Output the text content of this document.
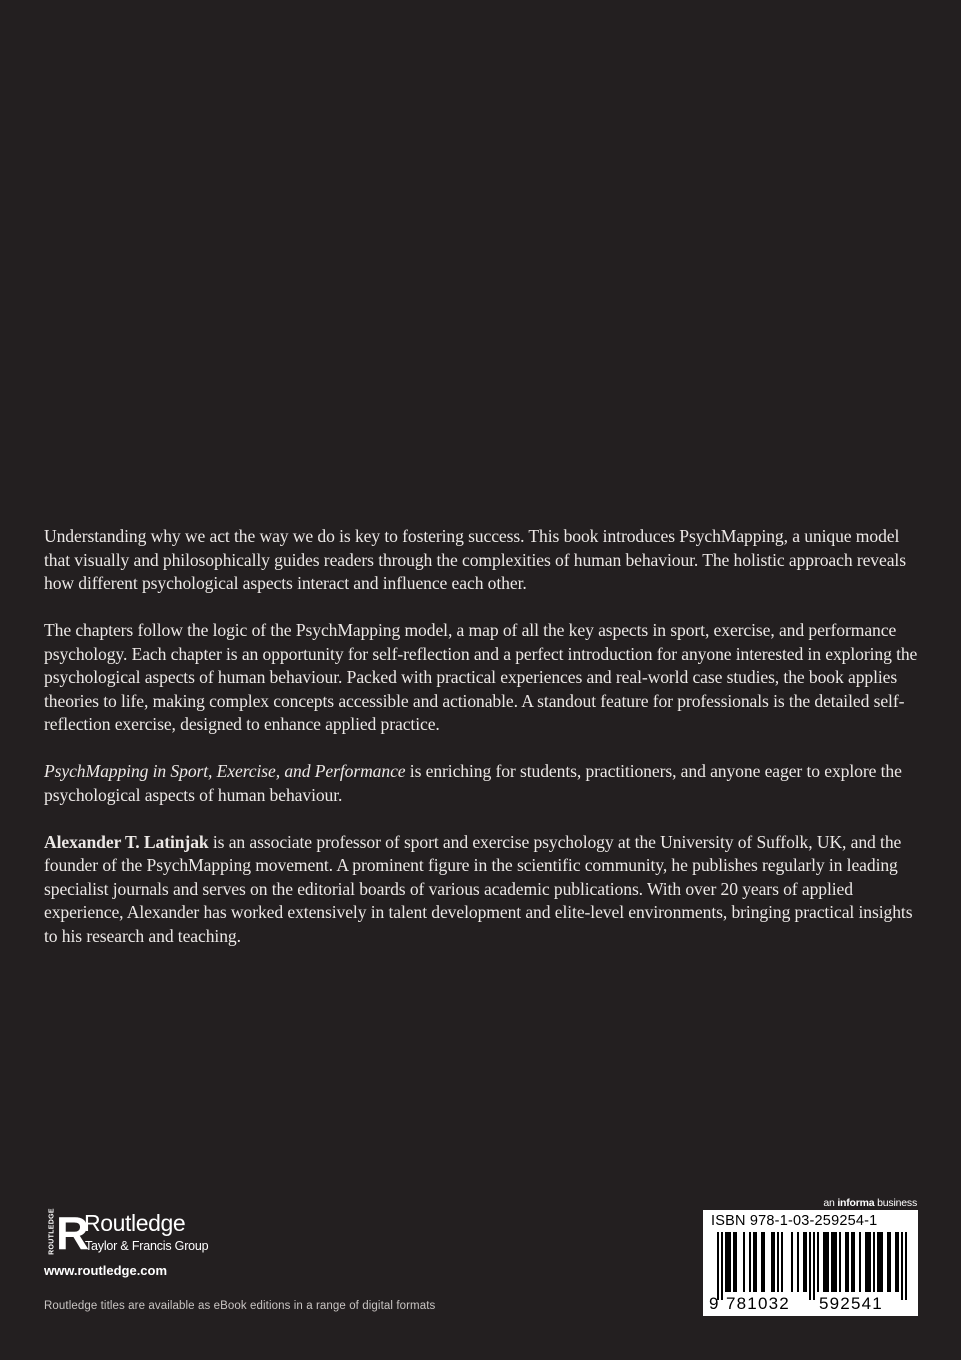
Understanding why we act the way we do is key to fostering success. This book introduces PsychMapping, a unique model that visually and philosophically guides readers through the complexities of human behaviour. The holistic approach reveals how different psychological aspects interact and influence each other.

The chapters follow the logic of the PsychMapping model, a map of all the key aspects in sport, exercise, and performance psychology. Each chapter is an opportunity for self-reflection and a perfect introduction for anyone interested in exploring the psychological aspects of human behaviour. Packed with practical experiences and real-world case studies, the book applies theories to life, making complex concepts accessible and actionable. A standout feature for professionals is the detailed self-reflection exercise, designed to enhance applied practice.

PsychMapping in Sport, Exercise, and Performance is enriching for students, practitioners, and anyone eager to explore the psychological aspects of human behaviour.

Alexander T. Latinjak is an associate professor of sport and exercise psychology at the University of Suffolk, UK, and the founder of the PsychMapping movement. A prominent figure in the scientific community, he publishes regularly in leading specialist journals and serves on the editorial boards of various academic publications. With over 20 years of applied experience, Alexander has worked extensively in talent development and elite-level environments, bringing practical insights to his research and teaching.

ROUTLEDGE R
Routledge
Taylor & Francis Group
www.routledge.com
Routledge titles are available as eBook editions in a range of digital formats
an informa business
ISBN 978-1-03-259254-1
9 781032 592541
